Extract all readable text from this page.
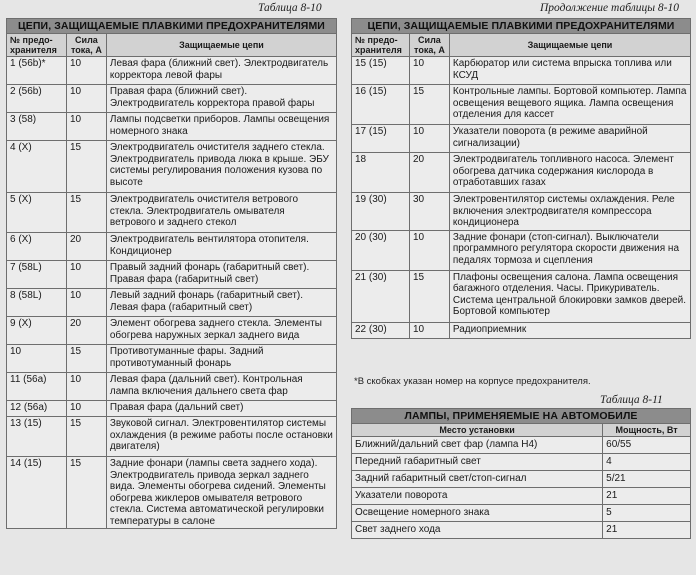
Таблица 8-10	Продолжение таблицы 8-10
ЦЕПИ, ЗАЩИЩАЕМЫЕ ПЛАВКИМИ ПРЕДОХРАНИТЕЛЯМИ		
№ предо-хранителя	Сила тока, А	Защищаемые цепи
1 (56b)*	10	Левая фара (ближний свет). Электродвигатель корректора левой фары
2 (56b)	10	Правая фара (ближний свет). Электродвигатель корректора правой фары
3 (58)	10	Лампы подсветки приборов. Лампы освещения номерного знака
4 (X)	15	Электродвигатель очистителя заднего стекла. Электродвигатель привода люка в крыше. ЭБУ системы регулирования положения кузова по высоте
5 (X)	15	Электродвигатель очистителя ветрового стекла. Электродвигатель омывателя ветрового и заднего стекол
6 (X)	20	Электродвигатель вентилятора отопителя. Кондиционер
7 (58L)	10	Правый задний фонарь (габаритный свет). Правая фара (габаритный свет)
8 (58L)	10	Левый задний фонарь (габаритный свет). Левая фара (габаритный свет)
9 (X)	20	Элемент обогрева заднего стекла. Элементы обогрева наружных зеркал заднего вида
10	15	Противотуманные фары. Задний противотуманный фонарь
11 (56a)	10	Левая фара (дальний свет). Контрольная лампа включения дальнего света фар
12 (56a)	10	Правая фара (дальний свет)
13 (15)	15	Звуковой сигнал. Электровентилятор системы охлаждения (в режиме работы после остановки двигателя)
14 (15)	15	Задние фонари (лампы света заднего хода). Электродвигатель привода зеркал заднего вида. Элементы обогрева сидений. Элементы обогрева жиклеров омывателя ветрового стекла. Система автоматической регулировки температуры в салоне
ЦЕПИ, ЗАЩИЩАЕМЫЕ ПЛАВКИМИ ПРЕДОХРАНИТЕЛЯМИ		
№ предо-хранителя	Сила тока, А	Защищаемые цепи
15 (15)	10	Карбюратор или система впрыска топлива или КСУД
16 (15)	15	Контрольные лампы. Бортовой компьютер. Лампа освещения вещевого ящика. Лампа освещения отделения для кассет
17 (15)	10	Указатели поворота (в режиме аварийной сигнализации)
18	20	Электродвигатель топливного насоса. Элемент обогрева датчика содержания кислорода в отработавших газах
19 (30)	30	Электровентилятор системы охлаждения. Реле включения электродвигателя компрессора кондиционера
20 (30)	10	Задние фонари (стоп-сигнал). Выключатели программного регулятора скорости движения на педалях тормоза и сцепления
21 (30)	15	Плафоны освещения салона. Лампа освещения багажного отделения. Часы. Прикуриватель. Система центральной блокировки замков дверей. Бортовой компьютер
22 (30)	10	Радиоприемник
*В скобках указан номер на корпусе предохранителя.
Таблица 8-11
ЛАМПЫ, ПРИМЕНЯЕМЫЕ НА АВТОМОБИЛЕ	
Место установки	Мощность, Вт
Ближний/дальний свет фар (лампа Н4)	60/55
Передний габаритный свет	4
Задний габаритный свет/стоп-сигнал	5/21
Указатели поворота	21
Освещение номерного знака	5
Свет заднего хода	21
